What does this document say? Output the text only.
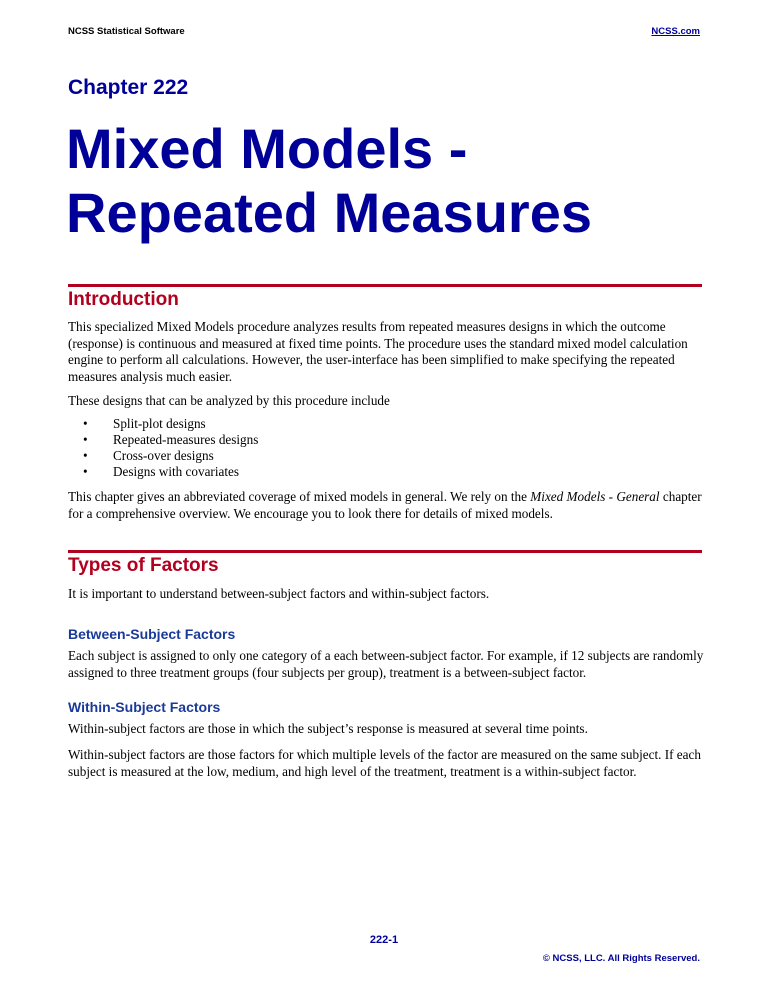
NCSS Statistical Software	NCSS.com
Chapter 222
Mixed Models -
Repeated Measures
Introduction

This specialized Mixed Models procedure analyzes results from repeated measures designs in which the outcome (response) is continuous and measured at fixed time points. The procedure uses the standard mixed model calculation engine to perform all calculations. However, the user-interface has been simplified to make specifying the repeated measures analysis much easier.

These designs that can be analyzed by this procedure include

• Split-plot designs
• Repeated-measures designs
• Cross-over designs
• Designs with covariates

This chapter gives an abbreviated coverage of mixed models in general. We rely on the Mixed Models - General chapter for a comprehensive overview. We encourage you to look there for details of mixed models.

Types of Factors

It is important to understand between-subject factors and within-subject factors.

Between-Subject Factors

Each subject is assigned to only one category of a each between-subject factor. For example, if 12 subjects are randomly assigned to three treatment groups (four subjects per group), treatment is a between-subject factor.

Within-Subject Factors

Within-subject factors are those in which the subject’s response is measured at several time points.

Within-subject factors are those factors for which multiple levels of the factor are measured on the same subject. If each subject is measured at the low, medium, and high level of the treatment, treatment is a within-subject factor.

222-1
© NCSS, LLC. All Rights Reserved.
